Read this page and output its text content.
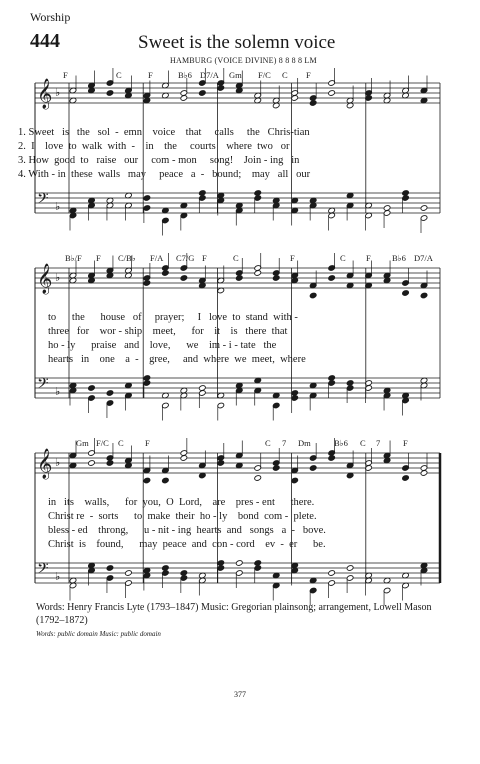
Worship
444	Sweet is the solemn voice
HAMBURG (VOICE DIVINE) 8 8 8 8 LM
F	C	F	B♭6 D7/A Gm F/C C F
1. Sweet   is   the   sol  -  emn    voice    that     calls     the   Chris-tian
2.  I    love  to  walk  with  -    in    the     courts    where  two   or
3. How  good  to   raise   our     com - mon     song!    Join - ing   in
4. With - in  these  walls   may     peace   a  -   bound;    may   all   our
B♭/F F C/B♭ F/A C7/G F	C	F	C F	B♭6 D7/A
to      the      house   of     prayer;     I   love  to  stand  with -
three   for    wor - ship    meet,      for    it    is   there  that
ho - ly      praise   and    love,      we    im - i - tate   the
hearts   in    one    a  -    gree,     and  where  we  meet,  where
Gm F/C C	F	C 7 Dm	B♭6 C 7	F
in   its    walls,      for  you,  O  Lord,    are    pres - ent      there.
Christ re  -  sorts      to  make  their  ho - ly    bond  com -  plete.
bless - ed    throng,      u - nit - ing  hearts  and   songs   a  -   bove.
Christ  is    found,      may  peace  and  con - cord    ev  -  er      be.
𝄞 ♭
𝄢 ♭
𝄞 ♭
𝄢 ♭
𝄞 ♭
𝄢 ♭
Words: Henry Francis Lyte (1793–1847) Music: Gregorian plainsong; arrangement, Lowell Mason (1792–1872)
Words: public domain Music: public domain
377
